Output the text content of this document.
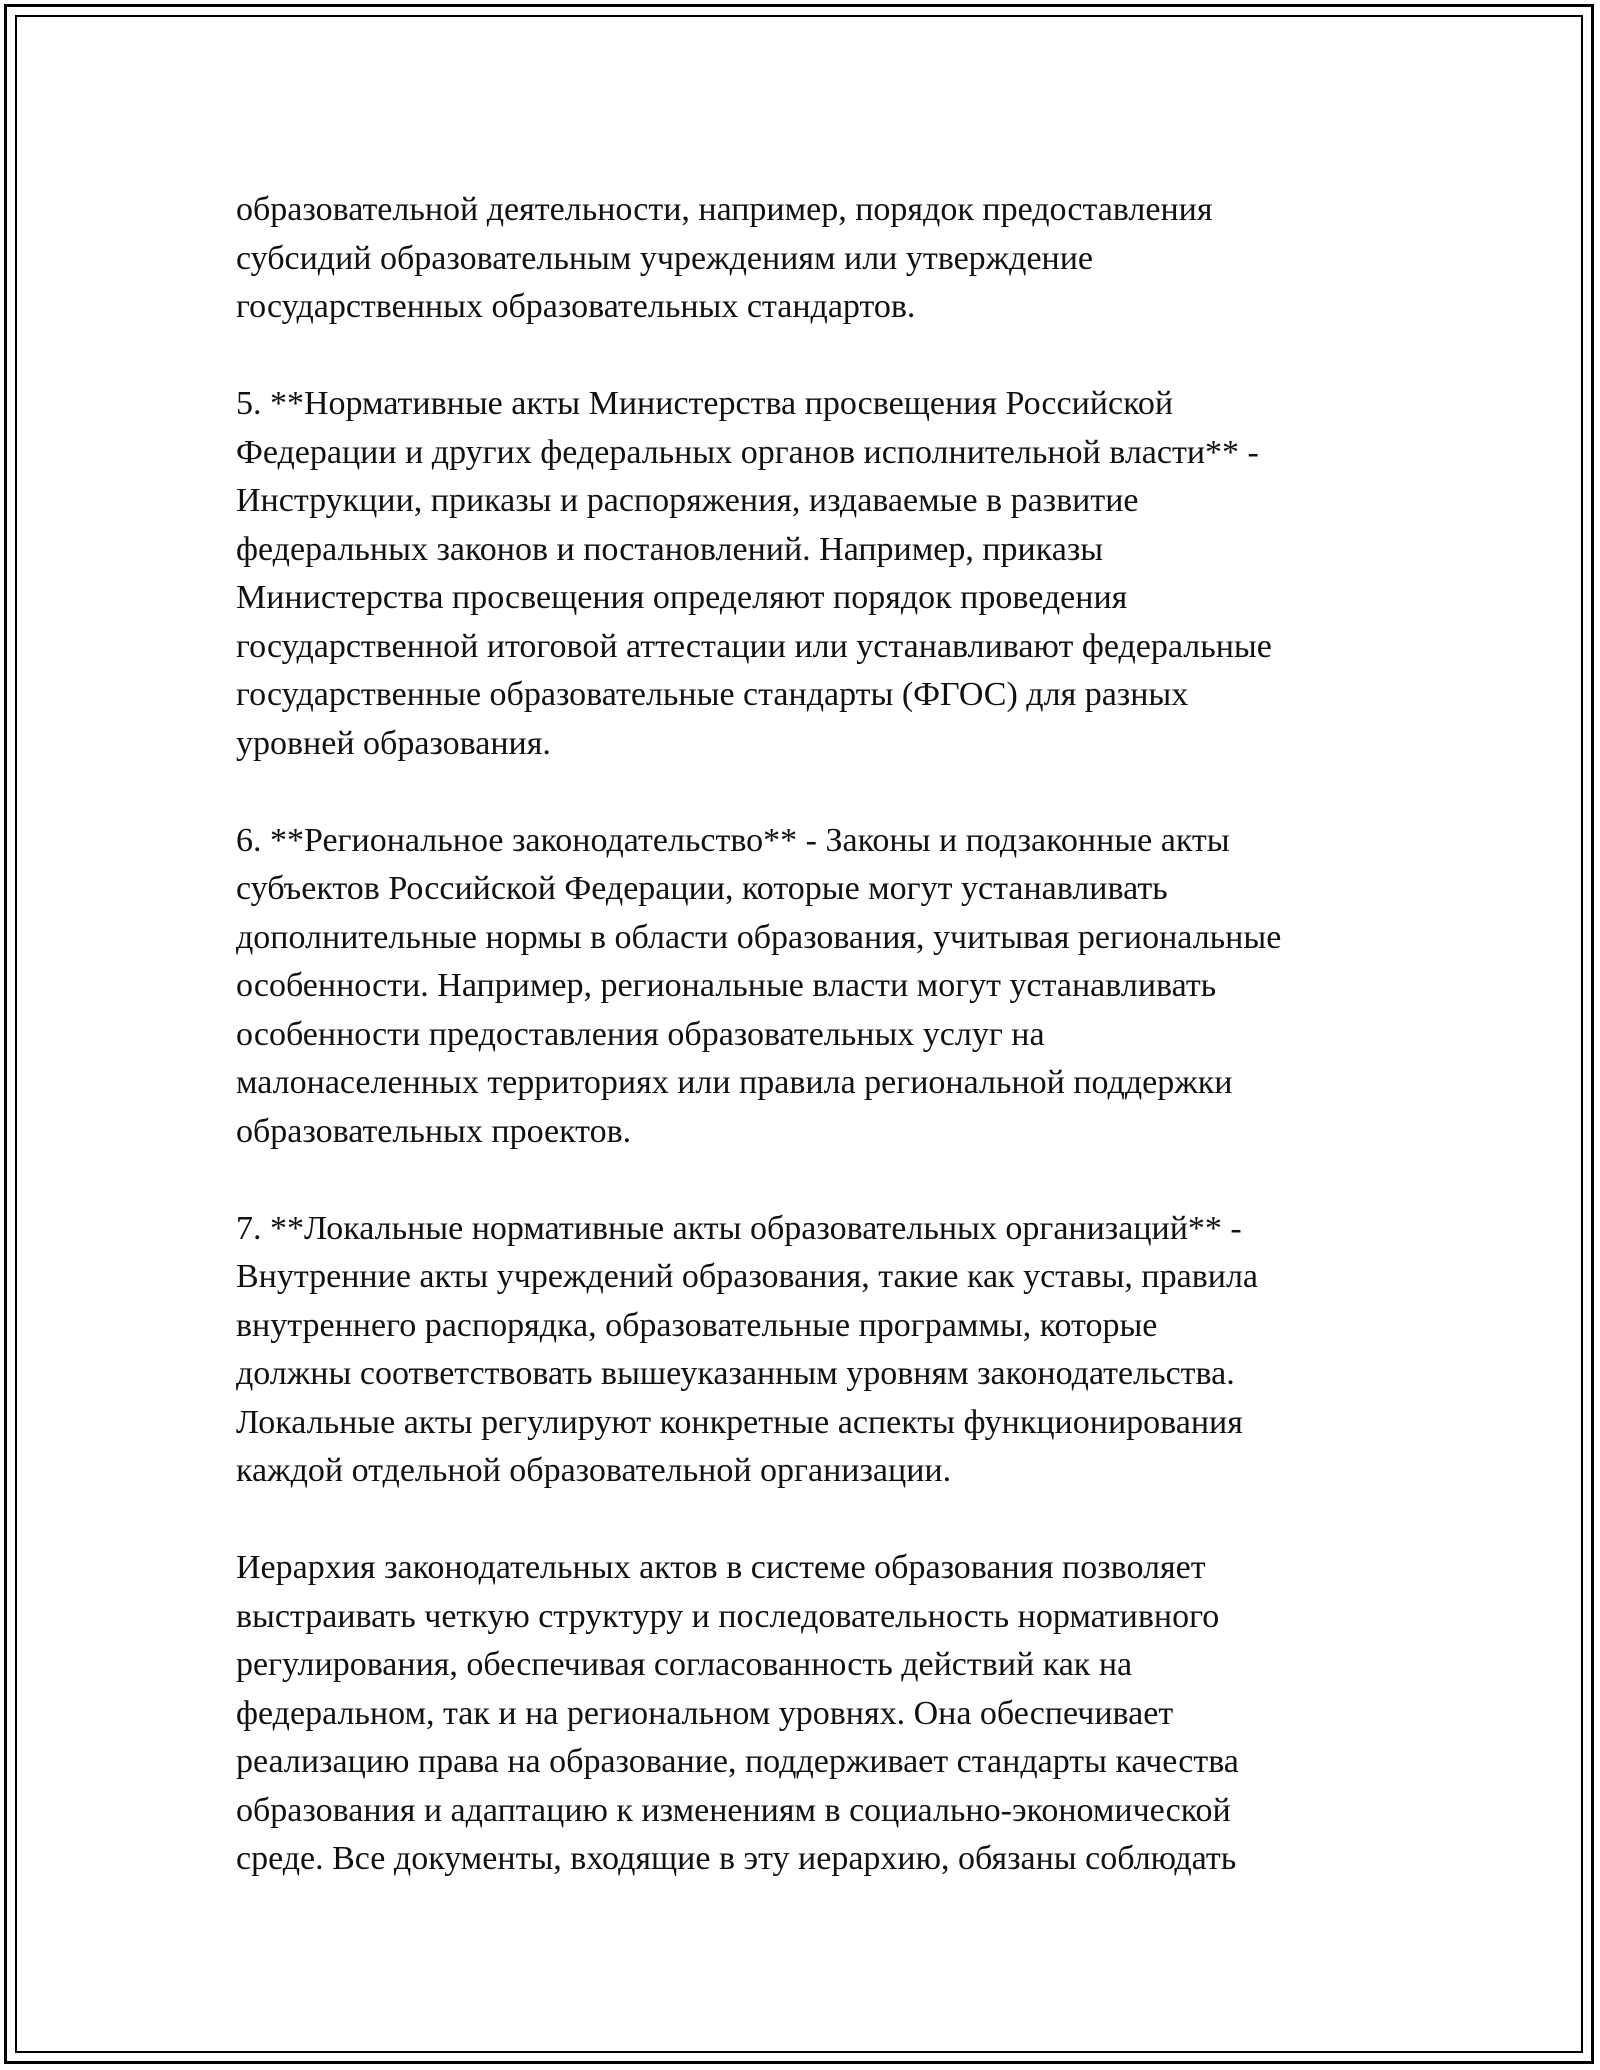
образовательной деятельности, например, порядок предоставления
субсидий образовательным учреждениям или утверждение
государственных образовательных стандартов.
5. **Нормативные акты Министерства просвещения Российской
Федерации и других федеральных органов исполнительной власти** -
Инструкции, приказы и распоряжения, издаваемые в развитие
федеральных законов и постановлений. Например, приказы
Министерства просвещения определяют порядок проведения
государственной итоговой аттестации или устанавливают федеральные
государственные образовательные стандарты (ФГОС) для разных
уровней образования.
6. **Региональное законодательство** - Законы и подзаконные акты
субъектов Российской Федерации, которые могут устанавливать
дополнительные нормы в области образования, учитывая региональные
особенности. Например, региональные власти могут устанавливать
особенности предоставления образовательных услуг на
малонаселенных территориях или правила региональной поддержки
образовательных проектов.
7. **Локальные нормативные акты образовательных организаций** -
Внутренние акты учреждений образования, такие как уставы, правила
внутреннего распорядка, образовательные программы, которые
должны соответствовать вышеуказанным уровням законодательства.
Локальные акты регулируют конкретные аспекты функционирования
каждой отдельной образовательной организации.
Иерархия законодательных актов в системе образования позволяет
выстраивать четкую структуру и последовательность нормативного
регулирования, обеспечивая согласованность действий как на
федеральном, так и на региональном уровнях. Она обеспечивает
реализацию права на образование, поддерживает стандарты качества
образования и адаптацию к изменениям в социально-экономической
среде. Все документы, входящие в эту иерархию, обязаны соблюдать
